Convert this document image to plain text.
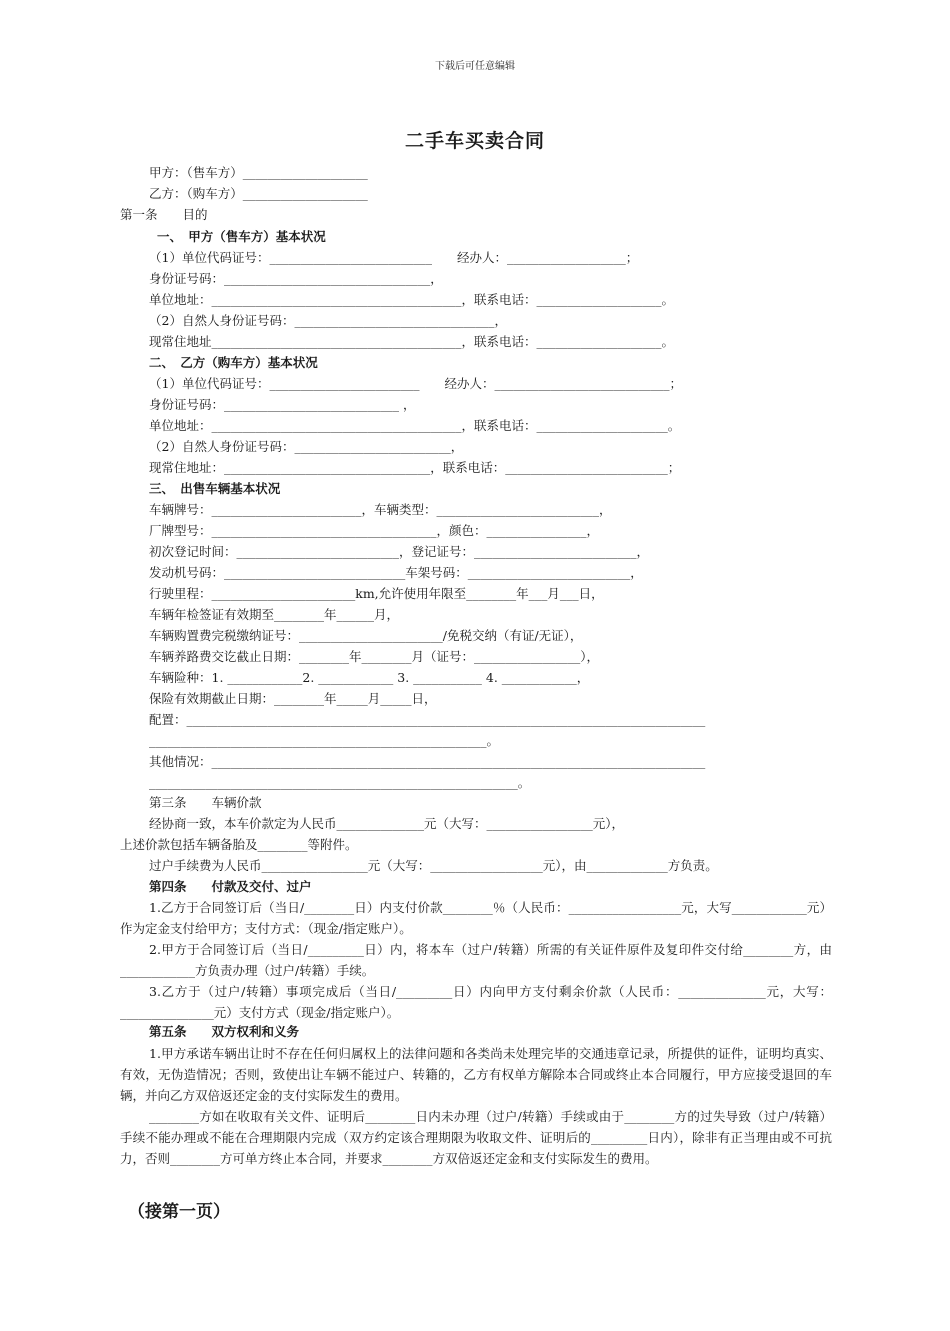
下载后可任意编辑
二手车买卖合同
甲方：（售车方）____________________
乙方：（购车方）____________________
第一条　　目的
一、　甲方（售车方）基本状况
（1）单位代码证号：__________________________　　经办人：___________________；
身份证号码：_________________________________，
单位地址：________________________________________，联系电话：____________________。
（2）自然人身份证号码：________________________________，
现常住地址________________________________________，联系电话：____________________。
二、　乙方（购车方）基本状况
（1）单位代码证号：________________________　　经办人：____________________________；
身份证号码：____________________________ ，
单位地址：________________________________________，联系电话：_____________________。
（2）自然人身份证号码：_________________________，
现常住地址：_________________________________，联系电话：__________________________；
三、　出售车辆基本状况
车辆牌号：________________________，车辆类型：__________________________，
厂牌型号：____________________________________，颜色：________________，
初次登记时间：__________________________，登记证号：__________________________，
发动机号码：_____________________________车架号码：__________________________，
行驶里程：_______________________km,允许使用年限至________年___月___日，
车辆年检签证有效期至________年______月，
车辆购置费完税缴纳证号：_______________________/免税交纳（有证/无证），
车辆养路费交讫截止日期：________年________月（证号：_________________），
车辆险种：1. ____________2. ____________ 3. ___________ 4. ____________，
保险有效期截止日期：________年_____月_____日，
配置：___________________________________________________________________________________
______________________________________________________。
其他情况：_______________________________________________________________________________
___________________________________________________________。
第三条　　车辆价款
经协商一致，本车价款定为人民币______________元（大写：_________________元），
上述价款包括车辆备胎及________等附件。
过户手续费为人民币_________________元（大写：__________________元），由_____________方负责。
第四条　　付款及交付、过户
1.乙方于合同签订后（当日/________日）内支付价款________％（人民币：__________________元，大写____________元）作为定金支付给甲方；支付方式：（现金/指定账户）。
2.甲方于合同签订后（当日/_________日）内，将本车（过户/转籍）所需的有关证件原件及复印件交付给________方，由____________方负责办理（过户/转籍）手续。
3.乙方于（过户/转籍）事项完成后（当日/_________日）内向甲方支付剩余价款（人民币：______________元，大写：_______________元）支付方式（现金/指定账户）。
第五条　　双方权利和义务
1.甲方承诺车辆出让时不存在任何归属权上的法律问题和各类尚未处理完毕的交通违章记录，所提供的证件，证明均真实、有效，无伪造情况；否则，致使出让车辆不能过户、转籍的，乙方有权单方解除本合同或终止本合同履行，甲方应接受退回的车辆，并向乙方双倍返还定金的支付实际发生的费用。
________方如在收取有关文件、证明后________日内未办理（过户/转籍）手续或由于________方的过失导致（过户/转籍）手续不能办理或不能在合理期限内完成（双方约定该合理期限为收取文件、证明后的_________日内），除非有正当理由或不可抗力，否则________方可单方终止本合同，并要求________方双倍返还定金和支付实际发生的费用。
（接第一页）
